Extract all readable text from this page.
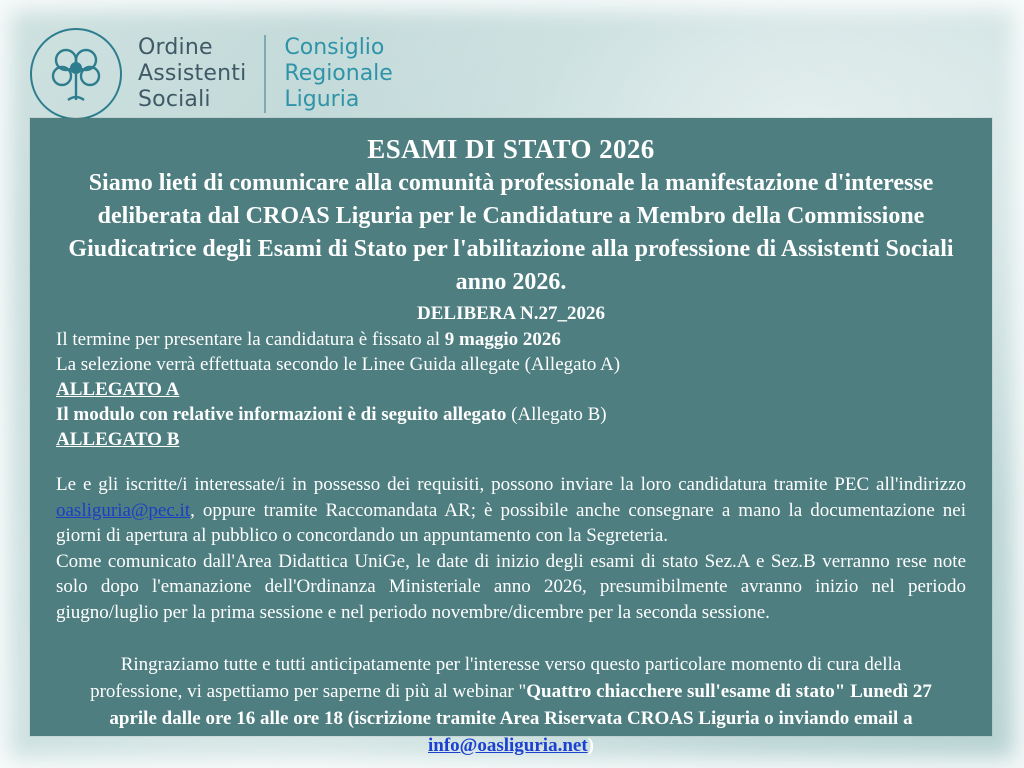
Ordine
Assistenti
Sociali
Consiglio
Regionale
Liguria
ESAMI DI STATO 2026
Siamo lieti di comunicare alla comunità professionale la manifestazione d'interesse deliberata dal CROAS Liguria per le Candidature a Membro della Commissione Giudicatrice degli Esami di Stato per l'abilitazione alla professione di Assistenti Sociali anno 2026.
DELIBERA N.27_2026

Il termine per presentare la candidatura è fissato al 9 maggio 2026

La selezione verrà effettuata secondo le Linee Guida allegate (Allegato A)

ALLEGATO A

Il modulo con relative informazioni è di seguito allegato (Allegato B)

ALLEGATO B

Le e gli iscritte/i interessate/i in possesso dei requisiti, possono inviare la loro candidatura tramite PEC all'indirizzo oasliguria@pec.it, oppure tramite Raccomandata AR; è possibile anche consegnare a mano la documentazione nei giorni di apertura al pubblico o concordando un appuntamento con la Segreteria.

Come comunicato dall'Area Didattica UniGe, le date di inizio degli esami di stato Sez.A e Sez.B verranno rese note solo dopo l'emanazione dell'Ordinanza Ministeriale anno 2026, presumibilmente avranno inizio nel periodo giugno/luglio per la prima sessione e nel periodo novembre/dicembre per la seconda sessione.

Ringraziamo tutte e tutti anticipatamente per l'interesse verso questo particolare momento di cura della professione, vi aspettiamo per saperne di più al webinar "Quattro chiacchere sull'esame di stato" Lunedì 27 aprile dalle ore 16 alle ore 18 (iscrizione tramite Area Riservata CROAS Liguria o inviando email a info@oasliguria.net)
